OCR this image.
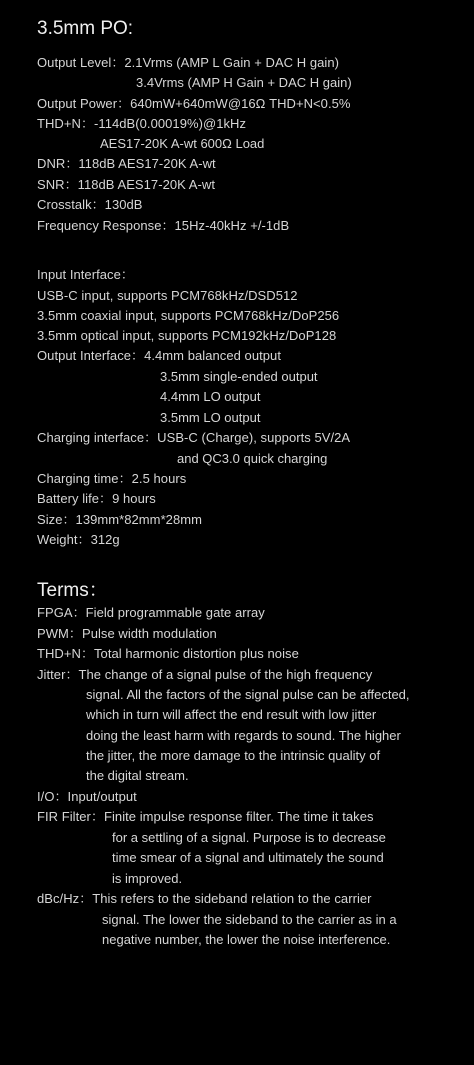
3.5mm PO:
Output Level：2.1Vrms (AMP L Gain + DAC H gain)
3.4Vrms (AMP H Gain + DAC H gain)
Output Power：640mW+640mW@16Ω THD+N<0.5%
THD+N：-114dB(0.00019%)@1kHz
AES17-20K A-wt 600Ω Load
DNR：118dB AES17-20K A-wt
SNR：118dB AES17-20K A-wt
Crosstalk：130dB
Frequency Response：15Hz-40kHz +/-1dB
Input Interface：
USB-C input, supports PCM768kHz/DSD512
3.5mm coaxial input, supports PCM768kHz/DoP256
3.5mm optical input, supports PCM192kHz/DoP128
Output Interface：4.4mm balanced output
3.5mm single-ended output
4.4mm LO output
3.5mm LO output
Charging interface：USB-C (Charge), supports 5V/2A
and QC3.0 quick charging
Charging time：2.5 hours
Battery life：9 hours
Size：139mm*82mm*28mm
Weight：312g
Terms：
FPGA：Field programmable gate array
PWM：Pulse width modulation
THD+N：Total harmonic distortion plus noise
Jitter：The change of a signal pulse of the high frequency
signal. All the factors of the signal pulse can be affected,
which in turn will affect the end result with low jitter
doing the least harm with regards to sound. The higher
the jitter, the more damage to the intrinsic quality of
the digital stream.
I/O：Input/output
FIR Filter：Finite impulse response filter. The time it takes
for a settling of a signal. Purpose is to decrease
time smear of a signal and ultimately the sound
is improved.
dBc/Hz：This refers to the sideband relation to the carrier
signal. The lower the sideband to the carrier as in a
negative number, the lower the noise interference.
